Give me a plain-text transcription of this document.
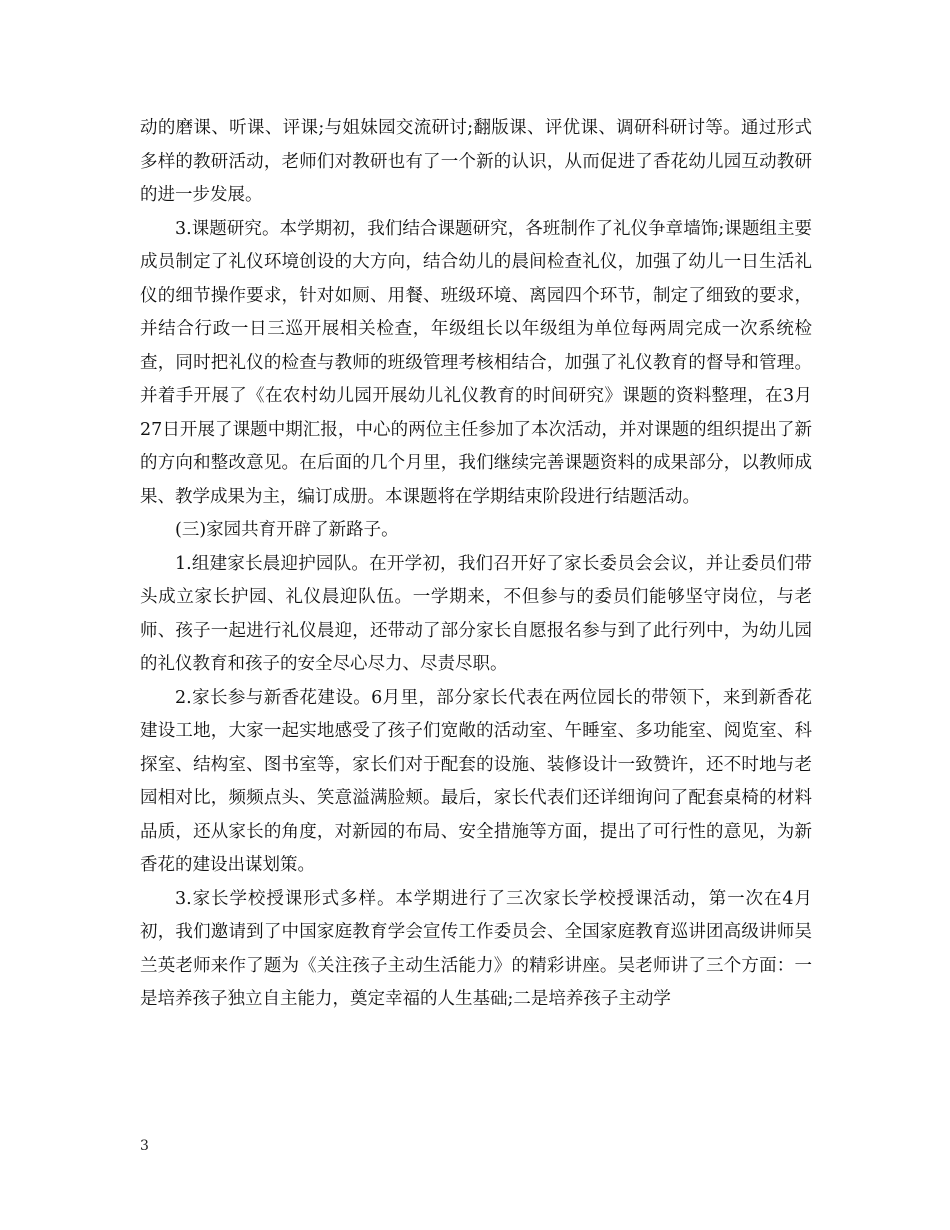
动的磨课、听课、评课;与姐妹园交流研讨;翻版课、评优课、调研科研讨等。通过形式多样的教研活动，老师们对教研也有了一个新的认识，从而促进了香花幼儿园互动教研的进一步发展。

3.课题研究。本学期初，我们结合课题研究，各班制作了礼仪争章墙饰;课题组主要成员制定了礼仪环境创设的大方向，结合幼儿的晨间检查礼仪，加强了幼儿一日生活礼仪的细节操作要求，针对如厕、用餐、班级环境、离园四个环节，制定了细致的要求，并结合行政一日三巡开展相关检查，年级组长以年级组为单位每两周完成一次系统检查，同时把礼仪的检查与教师的班级管理考核相结合，加强了礼仪教育的督导和管理。并着手开展了《在农村幼儿园开展幼儿礼仪教育的时间研究》课题的资料整理，在3月27日开展了课题中期汇报，中心的两位主任参加了本次活动，并对课题的组织提出了新的方向和整改意见。在后面的几个月里，我们继续完善课题资料的成果部分，以教师成果、教学成果为主，编订成册。本课题将在学期结束阶段进行结题活动。

(三)家园共育开辟了新路子。

1.组建家长晨迎护园队。在开学初，我们召开好了家长委员会会议，并让委员们带头成立家长护园、礼仪晨迎队伍。一学期来，不但参与的委员们能够坚守岗位，与老师、孩子一起进行礼仪晨迎，还带动了部分家长自愿报名参与到了此行列中，为幼儿园的礼仪教育和孩子的安全尽心尽力、尽责尽职。

2.家长参与新香花建设。6月里，部分家长代表在两位园长的带领下，来到新香花建设工地，大家一起实地感受了孩子们宽敞的活动室、午睡室、多功能室、阅览室、科探室、结构室、图书室等，家长们对于配套的设施、装修设计一致赞许，还不时地与老园相对比，频频点头、笑意溢满脸颊。最后，家长代表们还详细询问了配套桌椅的材料品质，还从家长的角度，对新园的布局、安全措施等方面，提出了可行性的意见，为新香花的建设出谋划策。

3.家长学校授课形式多样。本学期进行了三次家长学校授课活动，第一次在4月初，我们邀请到了中国家庭教育学会宣传工作委员会、全国家庭教育巡讲团高级讲师吴兰英老师来作了题为《关注孩子主动生活能力》的精彩讲座。吴老师讲了三个方面：一是培养孩子独立自主能力，奠定幸福的人生基础;二是培养孩子主动学

3
